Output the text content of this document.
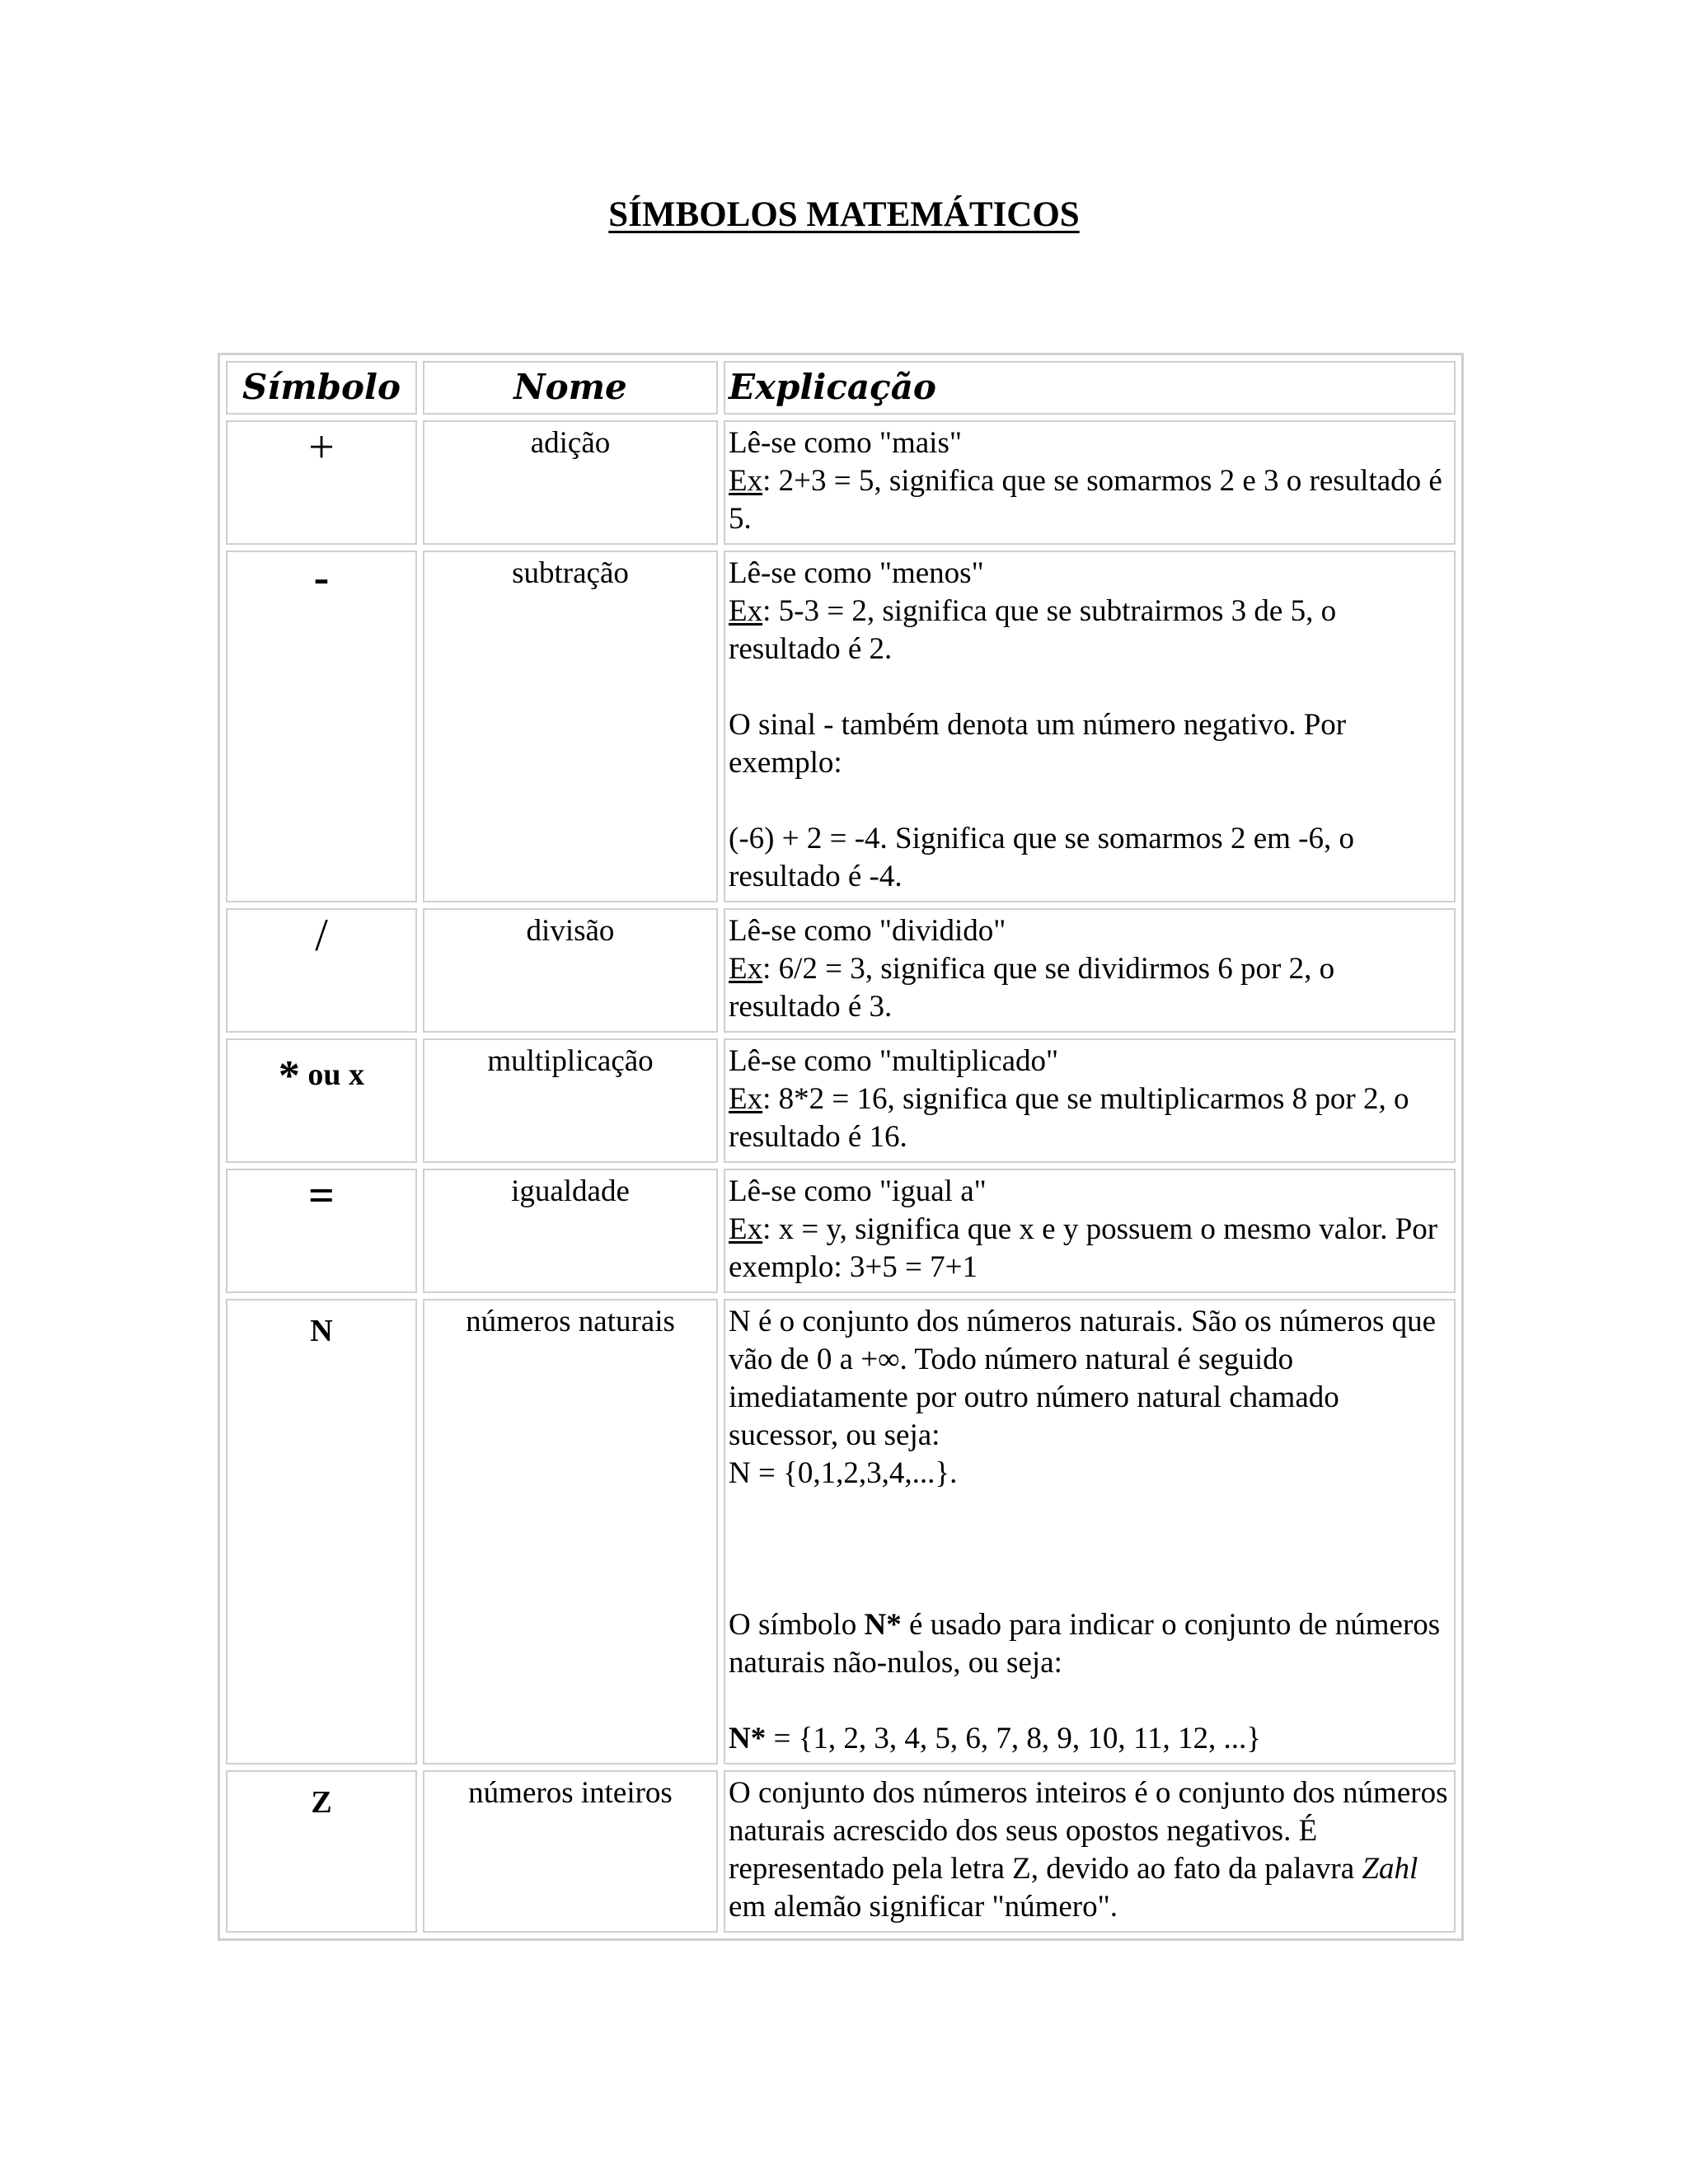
SÍMBOLOS MATEMÁTICOS
Símbolo	Nome	Explicação
+	adição	Lê-se como "mais"

Ex: 2+3 = 5, significa que se somarmos 2 e 3 o resultado é 5.

-	subtração	Lê-se como "menos"

Ex: 5-3 = 2, significa que se subtrairmos 3 de 5, o resultado é 2.

O sinal - também denota um número negativo. Por exemplo:

(-6) + 2 = -4. Significa que se somarmos 2 em -6, o resultado é -4.

/	divisão	Lê-se como "dividido"

Ex: 6/2 = 3, significa que se dividirmos 6 por 2, o resultado é 3.

* ou x	multiplicação	Lê-se como "multiplicado"

Ex: 8*2 = 16, significa que se multiplicarmos 8 por 2, o resultado é 16.

=	igualdade	Lê-se como "igual a"

Ex: x = y, significa que x e y possuem o mesmo valor. Por exemplo: 3+5 = 7+1

N	números naturais	N é o conjunto dos números naturais. São os números que vão de 0 a +∞. Todo número natural é seguido imediatamente por outro número natural chamado sucessor, ou seja:

N = {0,1,2,3,4,...}.

O símbolo N* é usado para indicar o conjunto de números naturais não-nulos, ou seja:

N* = {1, 2, 3, 4, 5, 6, 7, 8, 9, 10, 11, 12, ...}

Z	números inteiros	O conjunto dos números inteiros é o conjunto dos números naturais acrescido dos seus opostos negativos. É representado pela letra Z, devido ao fato da palavra Zahl em alemão significar "número".
